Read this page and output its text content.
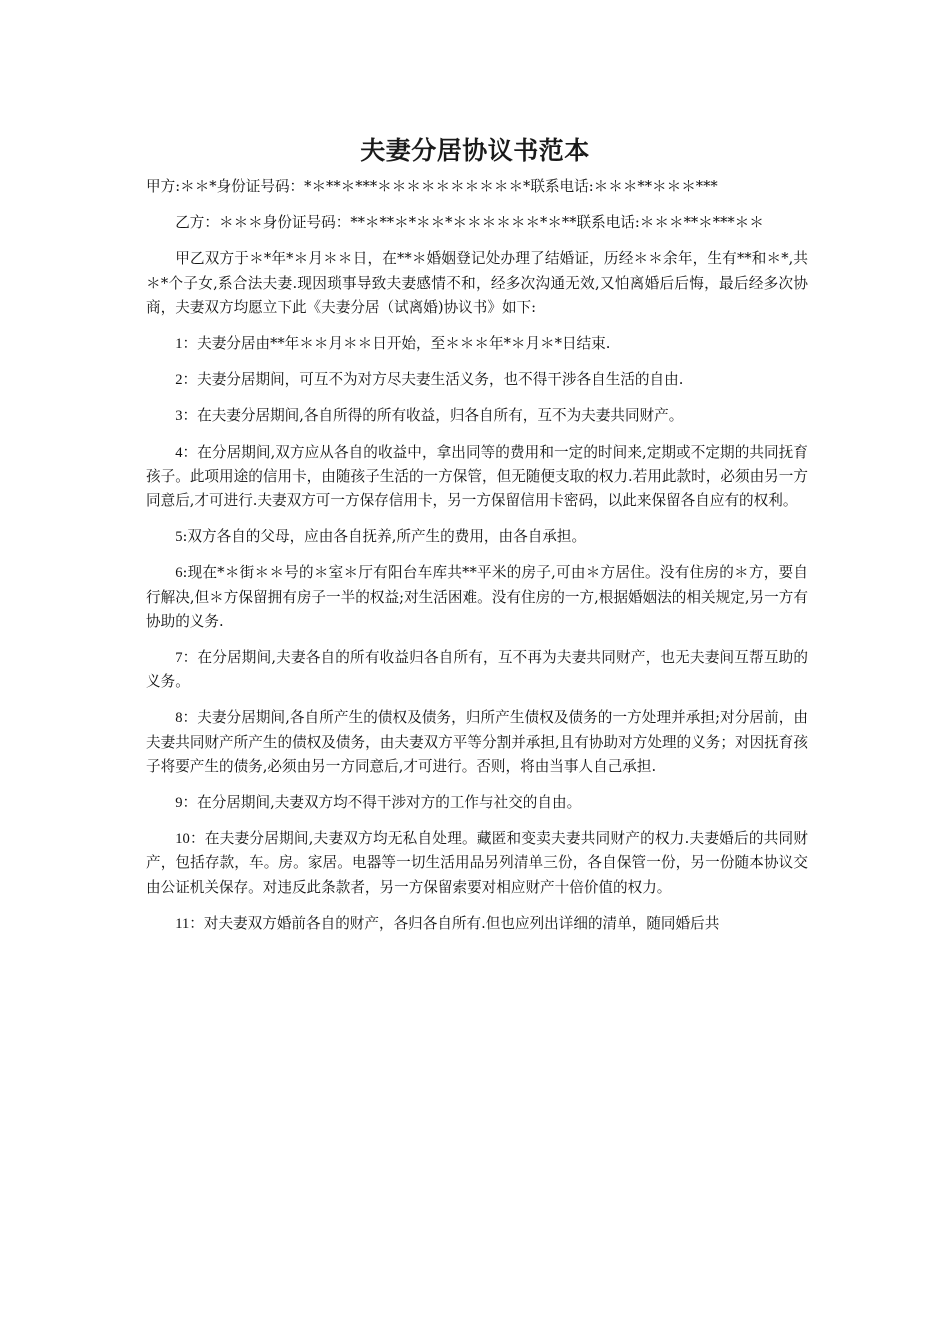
夫妻分居协议书范本

甲方:＊＊*身份证号码：*＊**＊***＊＊＊＊＊＊＊＊＊＊*联系电话:＊＊＊**＊＊＊***

乙方：＊＊＊身份证号码：**＊**＊*＊＊*＊＊＊＊＊＊*＊**联系电话:＊＊＊**＊***＊＊

甲乙双方于＊*年*＊月＊＊日，在**＊婚姻登记处办理了结婚证，历经＊＊余年，生有**和＊*,共＊*个子女,系合法夫妻.现因琐事导致夫妻感情不和，经多次沟通无效,又怕离婚后后悔，最后经多次协商，夫妻双方均愿立下此《夫妻分居（试离婚)协议书》如下:

1：夫妻分居由**年＊＊月＊＊日开始，至＊＊＊年*＊月＊*日结束.

2：夫妻分居期间，可互不为对方尽夫妻生活义务，也不得干涉各自生活的自由.

3：在夫妻分居期间,各自所得的所有收益，归各自所有，互不为夫妻共同财产。

4：在分居期间,双方应从各自的收益中，拿出同等的费用和一定的时间来,定期或不定期的共同抚育孩子。此项用途的信用卡，由随孩子生活的一方保管，但无随便支取的权力.若用此款时，必须由另一方同意后,才可进行.夫妻双方可一方保存信用卡，另一方保留信用卡密码，以此来保留各自应有的权利。

5:双方各自的父母，应由各自抚养,所产生的费用，由各自承担。

6:现在*＊街＊＊号的＊室＊厅有阳台车库共**平米的房子,可由＊方居住。没有住房的＊方，要自行解决,但＊方保留拥有房子一半的权益;对生活困难。没有住房的一方,根据婚姻法的相关规定,另一方有协助的义务.

7：在分居期间,夫妻各自的所有收益归各自所有，互不再为夫妻共同财产，也无夫妻间互帮互助的义务。

8：夫妻分居期间,各自所产生的债权及债务，归所产生债权及债务的一方处理并承担;对分居前，由夫妻共同财产所产生的债权及债务，由夫妻双方平等分割并承担,且有协助对方处理的义务；对因抚育孩子将要产生的债务,必须由另一方同意后,才可进行。否则，将由当事人自己承担.

9：在分居期间,夫妻双方均不得干涉对方的工作与社交的自由。

10：在夫妻分居期间,夫妻双方均无私自处理。藏匿和变卖夫妻共同财产的权力.夫妻婚后的共同财产，包括存款，车。房。家居。电器等一切生活用品另列清单三份，各自保管一份，另一份随本协议交由公证机关保存。对违反此条款者，另一方保留索要对相应财产十倍价值的权力。

11：对夫妻双方婚前各自的财产，各归各自所有.但也应列出详细的清单，随同婚后共
